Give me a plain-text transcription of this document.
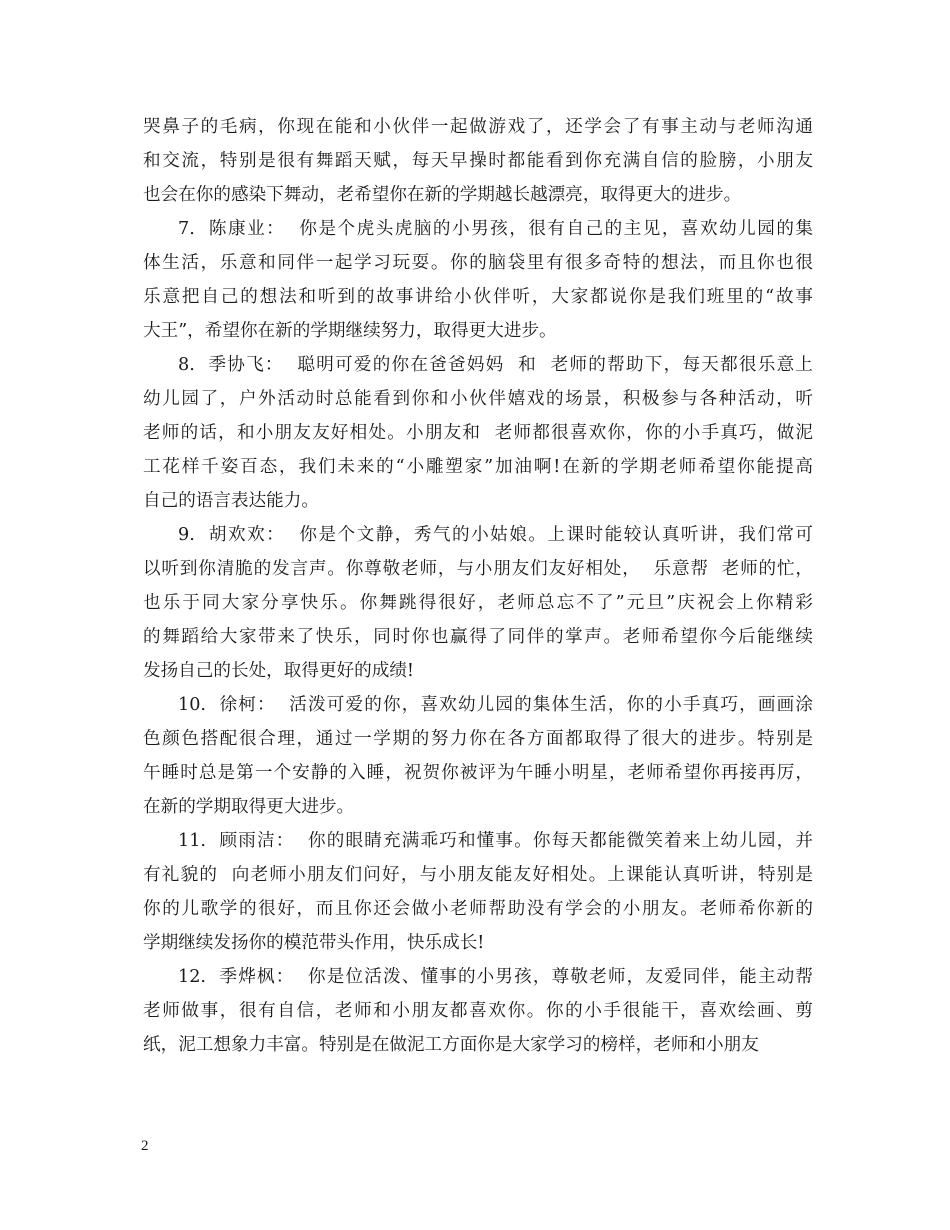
哭鼻子的毛病，你现在能和小伙伴一起做游戏了，还学会了有事主动与老师沟通
和交流，特别是很有舞蹈天赋，每天早操时都能看到你充满自信的脸膀，小朋友
也会在你的感染下舞动，老希望你在新的学期越长越漂亮，取得更大的进步。
7.  陈康业：  你是个虎头虎脑的小男孩，很有自己的主见，喜欢幼儿园的集
体生活，乐意和同伴一起学习玩耍。你的脑袋里有很多奇特的想法，而且你也很
乐意把自己的想法和听到的故事讲给小伙伴听，大家都说你是我们班里的“故事
大王”，希望你在新的学期继续努力，取得更大进步。
8.  季协飞：  聪明可爱的你在爸爸妈妈  和  老师的帮助下，每天都很乐意上
幼儿园了，户外活动时总能看到你和小伙伴嬉戏的场景，积极参与各种活动，听
老师的话，和小朋友友好相处。小朋友和  老师都很喜欢你，你的小手真巧，做泥
工花样千姿百态，我们未来的“小雕塑家”加油啊!在新的学期老师希望你能提高
自己的语言表达能力。
9.  胡欢欢：  你是个文静，秀气的小姑娘。上课时能较认真听讲，我们常可
以听到你清脆的发言声。你尊敬老师，与小朋友们友好相处，  乐意帮  老师的忙，
也乐于同大家分享快乐。你舞跳得很好，老师总忘不了”元旦”庆祝会上你精彩
的舞蹈给大家带来了快乐，同时你也赢得了同伴的掌声。老师希望你今后能继续
发扬自己的长处，取得更好的成绩!
10.  徐柯：  活泼可爱的你，喜欢幼儿园的集体生活，你的小手真巧，画画涂
色颜色搭配很合理，通过一学期的努力你在各方面都取得了很大的进步。特别是
午睡时总是第一个安静的入睡，祝贺你被评为午睡小明星，老师希望你再接再厉，
在新的学期取得更大进步。
11.  顾雨洁：  你的眼睛充满乖巧和懂事。你每天都能微笑着来上幼儿园，并
有礼貌的  向老师小朋友们问好，与小朋友能友好相处。上课能认真听讲，特别是
你的儿歌学的很好，而且你还会做小老师帮助没有学会的小朋友。老师希你新的
学期继续发扬你的模范带头作用，快乐成长!
12.  季烨枫：  你是位活泼、懂事的小男孩，尊敬老师，友爱同伴，能主动帮
老师做事，很有自信，老师和小朋友都喜欢你。你的小手很能干，喜欢绘画、剪
纸，泥工想象力丰富。特别是在做泥工方面你是大家学习的榜样，老师和小朋友
2
